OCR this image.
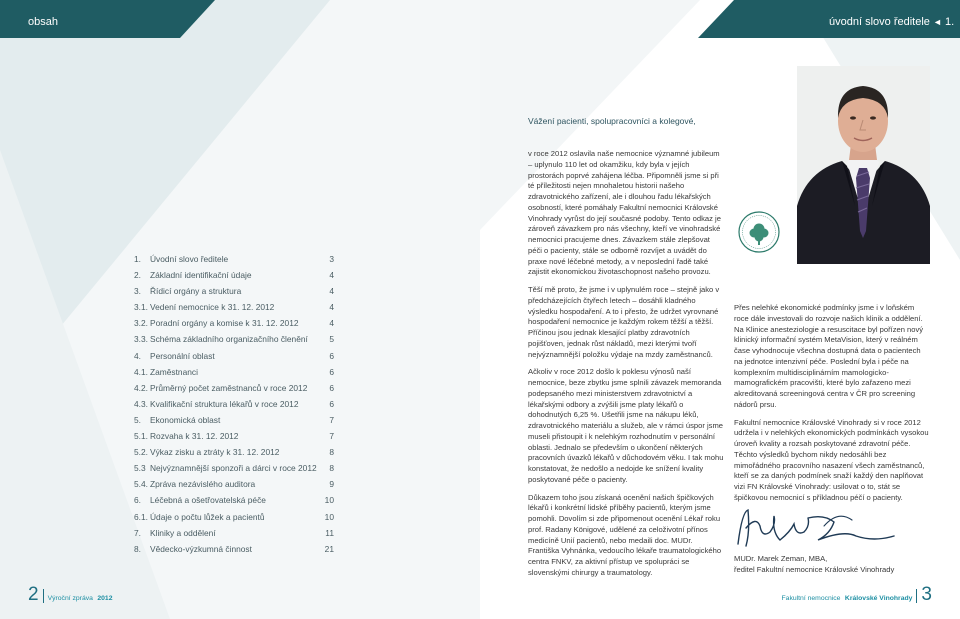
obsah	úvodní slovo ředitele ◄ 1.
1. Úvodní slovo ředitele	3
2. Základní identifikační údaje	4
3. Řídicí orgány a struktura	4
3.1. Vedení nemocnice k 31. 12. 2012	4
3.2. Poradní orgány a komise k 31. 12. 2012	4
3.3. Schéma základního organizačního členění	5
4. Personální oblast	6
4.1. Zaměstnanci	6
4.2. Průměrný počet zaměstnanců v roce 2012	6
4.3. Kvalifikační struktura lékařů v roce 2012	6
5. Ekonomická oblast	7
5.1. Rozvaha k 31. 12. 2012	7
5.2. Výkaz zisku a ztráty k 31. 12. 2012	8
5.3 Nejvýznamnější sponzoři a dárci v roce 2012 8
5.4. Zpráva nezávislého auditora	9
6. Léčebná a ošetřovatelská péče	10
6.1. Údaje o počtu lůžek a pacientů	10
7. Kliniky a oddělení	11
8. Vědecko-výzkumná činnost	21
Vážení pacienti, spolupracovníci a kolegové,

v roce 2012 oslavila naše nemocnice významné jubileum – uplynulo 110 let od okamžiku, kdy byla v jejích prostorách poprvé zahájena léčba. Připomněli jsme si při té příležitosti nejen mnohaletou historii našeho zdravotnického zařízení, ale i dlouhou řadu lékařských osobností, které pomáhaly Fakultní nemocnici Královské Vinohrady vyrůst do její současné podoby. Tento odkaz je zároveň závazkem pro nás všechny, kteří ve vinohradské nemocnici pracujeme dnes. Závazkem stále zlepšovat péči o pacienty, stále se odborně rozvíjet a uvádět do praxe nové léčebné metody, a v neposlední řadě také zajistit ekonomickou životaschopnost našeho provozu.

Těší mě proto, že jsme i v uplynulém roce – stejně jako v předcházejících čtyřech letech – dosáhli kladného výsledku hospodaření. A to i přesto, že udržet vyrovnané hospodaření nemocnice je každým rokem těžší a těžší. Příčinou jsou jednak klesající platby zdravotních pojišťoven, jednak růst nákladů, mezi kterými tvoří nejvýznamnější položku výdaje na mzdy zaměstnanců.

Ačkoliv v roce 2012 došlo k poklesu výnosů naší nemocnice, beze zbytku jsme splnili závazek memoranda podepsaného mezi ministerstvem zdravotnictví a lékařskými odbory a zvýšili jsme platy lékařů o dohodnutých 6,25 %. Ušetřili jsme na nákupu léků, zdravotnického materiálu a služeb, ale v rámci úspor jsme museli přistoupit i k nelehkým rozhodnutím v personální oblasti. Jednalo se především o ukončení některých pracovních úvazků lékařů v důchodovém věku. I tak mohu konstatovat, že nedošlo a nedojde ke snížení kvality poskytované péče o pacienty.

Důkazem toho jsou získaná ocenění našich špičkových lékařů i konkrétní lidské příběhy pacientů, kterým jsme pomohli. Dovolím si zde připomenout ocenění Lékař roku prof. Radany Königové, udělené za celoživotní přínos medicíně Unií pacientů, nebo medaili doc. MUDr. Františka Vyhnánka, vedoucího lékaře traumatologického centra FNKV, za aktivní přístup ve spolupráci se slovenskými chirurgy a traumatology.

Přes nelehké ekonomické podmínky jsme i v loňském roce dále investovali do rozvoje našich klinik a oddělení. Na Klinice anesteziologie a resuscitace byl pořízen nový klinický informační systém MetaVision, který v reálném čase vyhodnocuje všechna dostupná data o pacientech na jednotce intenzivní péče. Poslední byla i péče na komplexním multidisciplinárním mamologicko-mamografickém pracovišti, které bylo zařazeno mezi akreditovaná screeningová centra v ČR pro screening nádorů prsu.

Fakultní nemocnice Královské Vinohrady si v roce 2012 udržela i v nelehkých ekonomických podmínkách vysokou úroveň kvality a rozsah poskytované zdravotní péče. Těchto výsledků bychom nikdy nedosáhli bez mimořádného pracovního nasazení všech zaměstnanců, kteří se za daných podmínek snaží každý den naplňovat vizi FN Královské Vinohrady: usilovat o to, stát se špičkovou nemocnicí s příkladnou péčí o pacienty.

MUDr. Marek Zeman, MBA,
ředitel Fakultní nemocnice Královské Vinohrady
2 Výroční zpráva 2012	Fakultní nemocnice Královské Vinohrady 3
